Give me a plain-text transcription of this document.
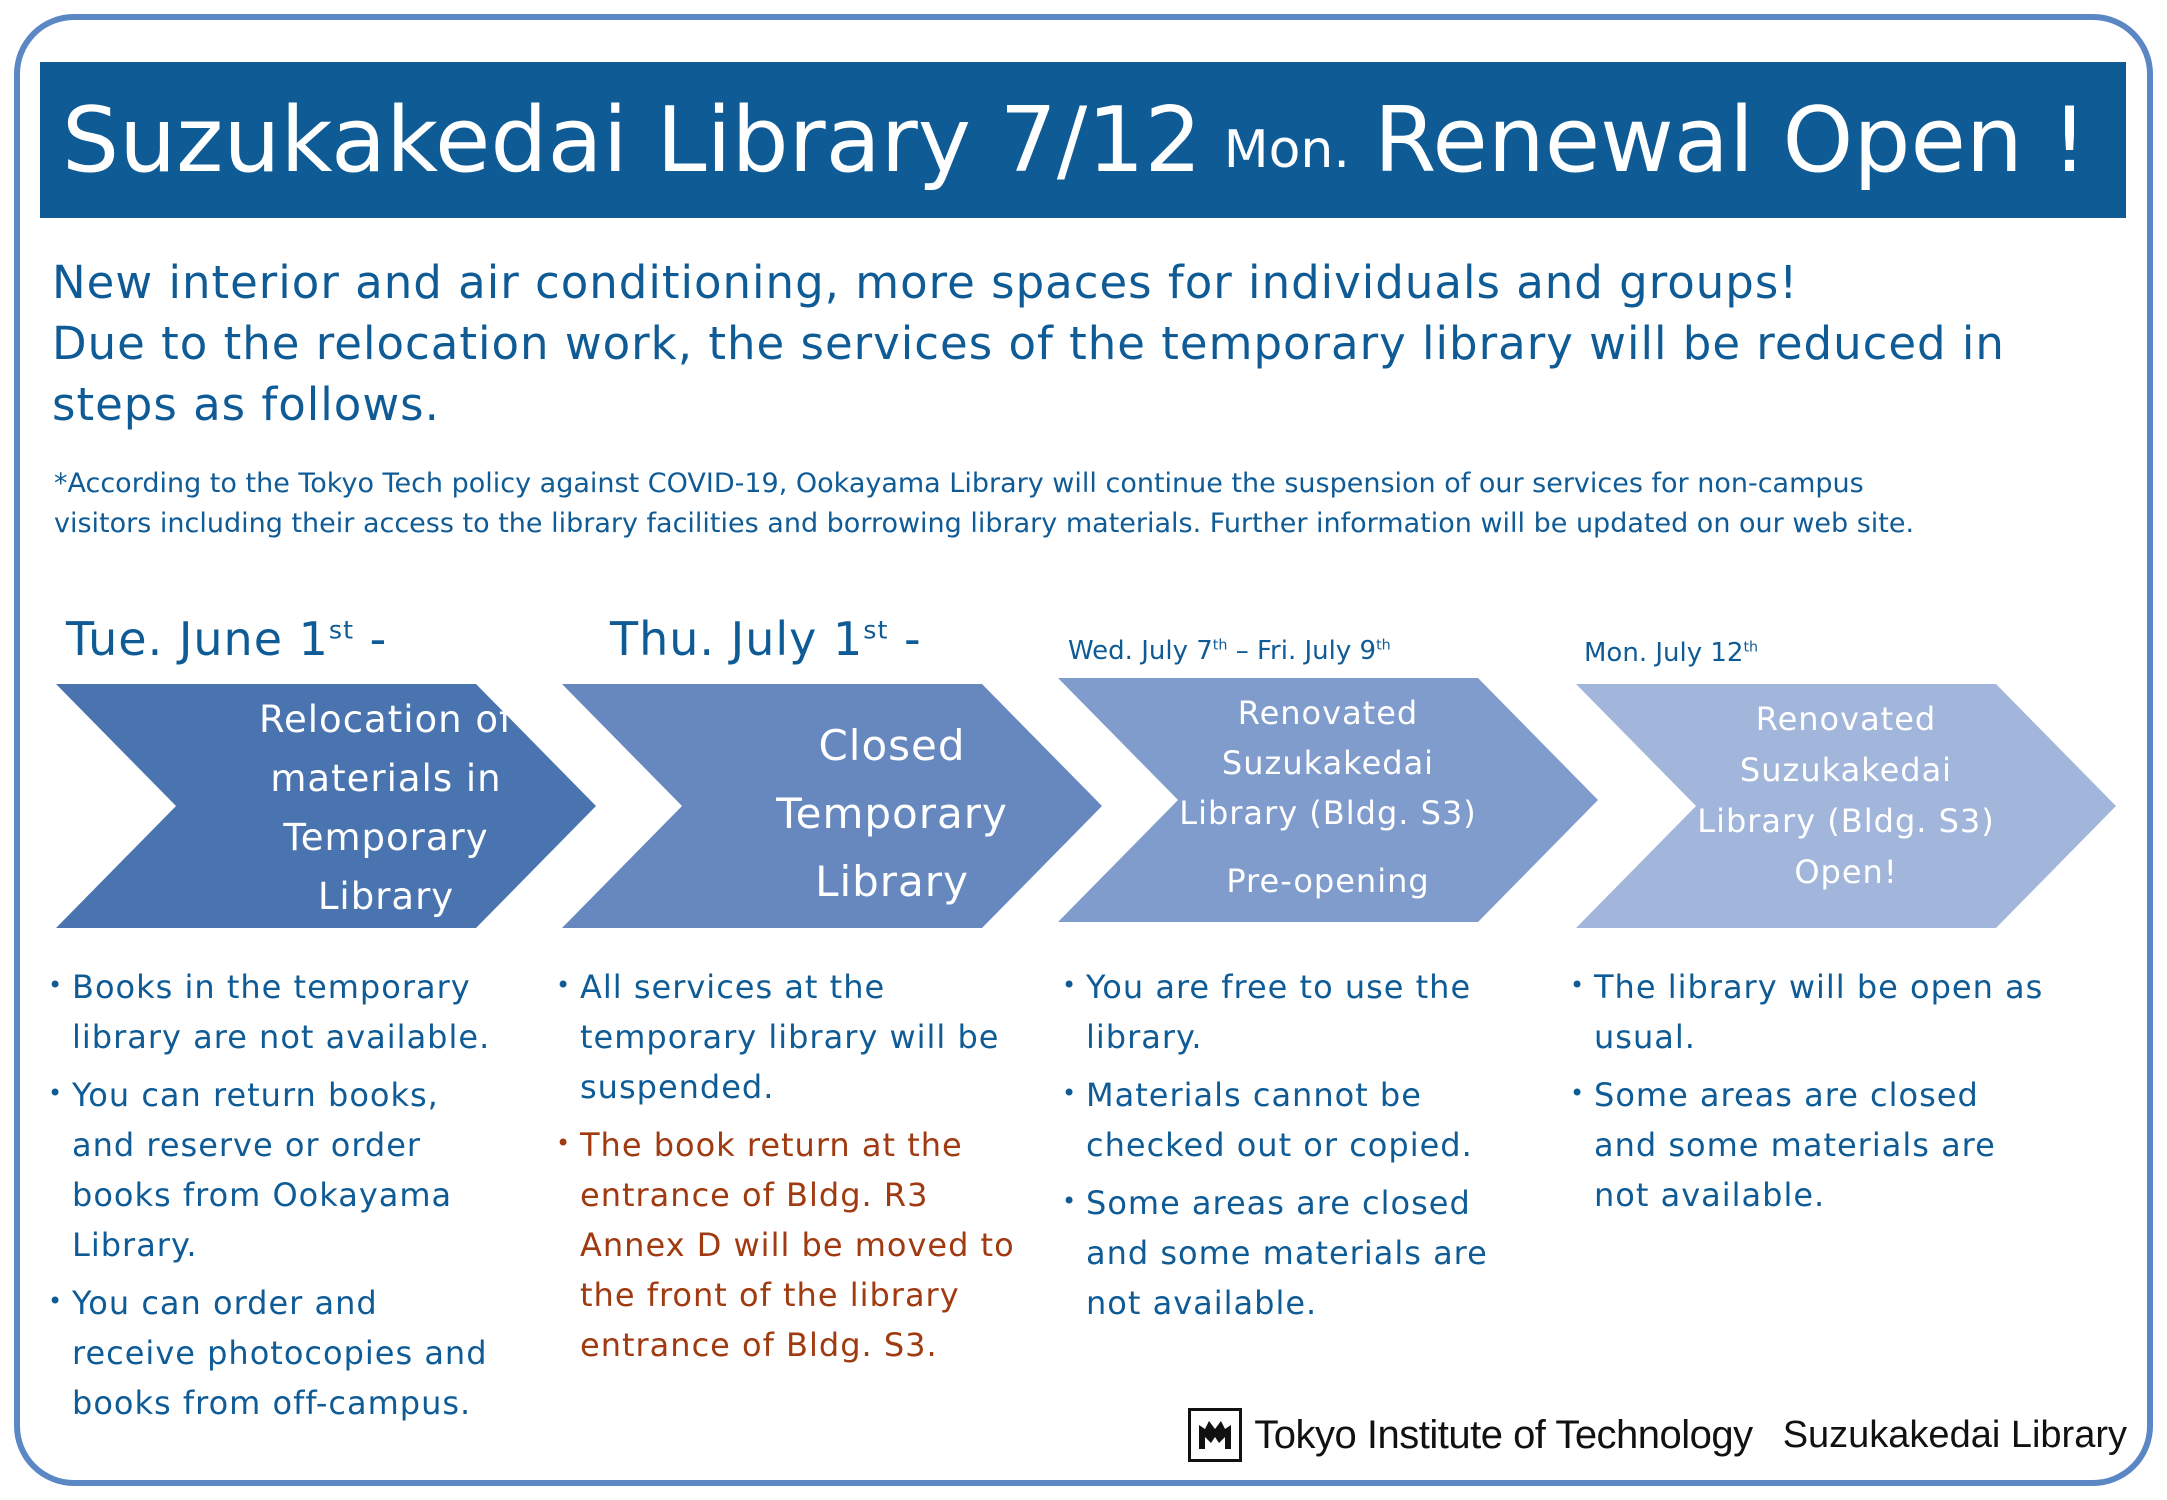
Suzukakedai Library 7/12 Mon. Renewal Open !
New interior and air conditioning, more spaces for individuals and groups!
Due to the relocation work, the services of the temporary library will be reduced in
steps as follows.
*According to the Tokyo Tech policy against COVID-19, Ookayama Library will continue the suspension of our services for non-campus
visitors including their access to the library facilities and borrowing library materials. Further information will be updated on our web site.
Tue. June 1st -
Relocation of
materials in
Temporary
Library
• Books in the temporary library are not available.
• You can return books, and reserve or order books from Ookayama Library.
• You can order and receive photocopies and books from off-campus.
Thu. July 1st -
Closed
Temporary
Library
• All services at the temporary library will be suspended.
• The book return at the entrance of Bldg. R3 Annex D will be moved to the front of the library entrance of Bldg. S3.
Wed. July 7th – Fri. July 9th
Renovated
Suzukakedai
Library (Bldg. S3)
Pre-opening
• You are free to use the library.
• Materials cannot be checked out or copied.
• Some areas are closed and some materials are not available.
Mon. July 12th
Renovated
Suzukakedai
Library (Bldg. S3)
Open!
• The library will be open as usual.
• Some areas are closed and some materials are not available.
Tokyo Institute of Technology Suzukakedai Library
